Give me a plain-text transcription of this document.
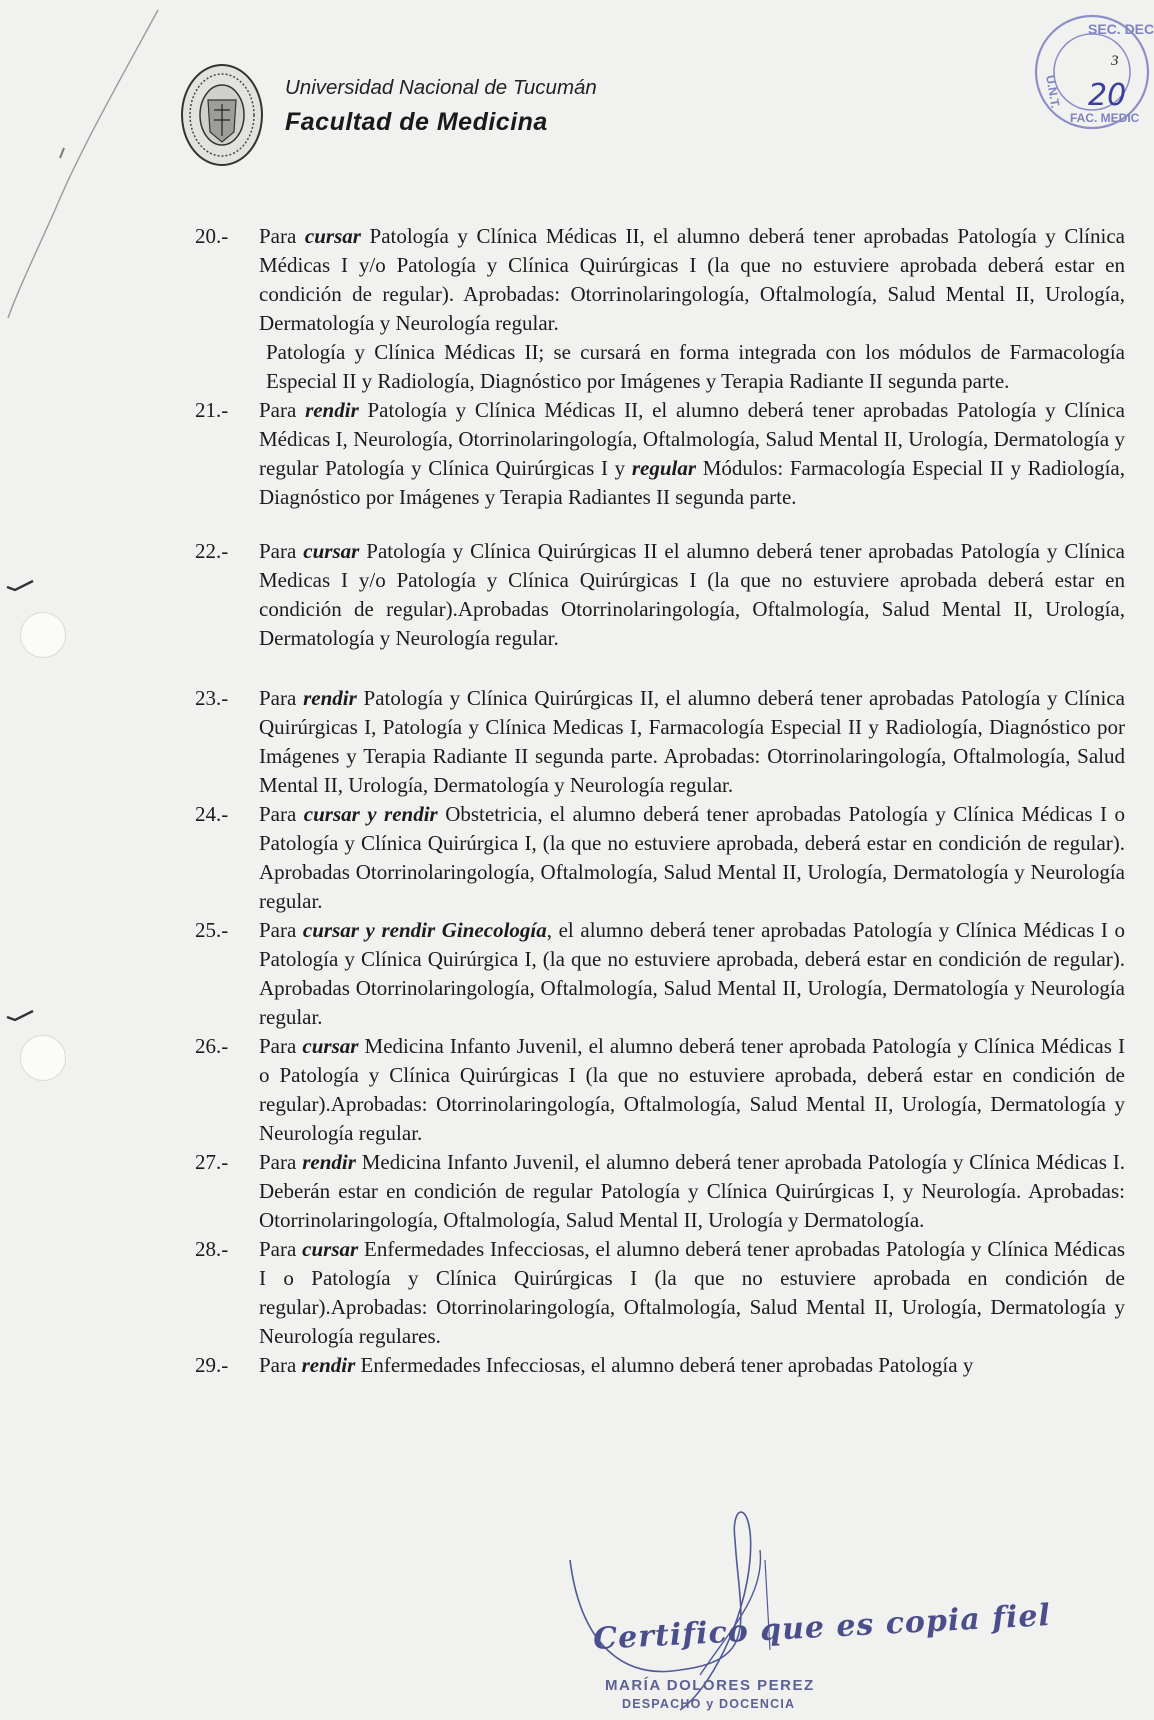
Universidad Nacional de Tucumán
Facultad de Medicina
SEC. DEC
U.N.T.
FAC. MEDIC
3
20
20.- Para cursar Patología y Clínica Médicas II, el alumno deberá tener aprobadas Patología y Clínica Médicas I y/o Patología y Clínica Quirúrgicas I (la que no estuviere aprobada deberá estar en condición de regular). Aprobadas: Otorrinolaringología, Oftalmología, Salud Mental II, Urología, Dermatología y Neurología regular.

Patología y Clínica Médicas II; se cursará en forma integrada con los módulos de Farmacología Especial II y Radiología, Diagnóstico por Imágenes y Terapia Radiante II segunda parte.

21.- Para rendir Patología y Clínica Médicas II, el alumno deberá tener aprobadas Patología y Clínica Médicas I, Neurología, Otorrinolaringología, Oftalmología, Salud Mental II, Urología, Dermatología y regular Patología y Clínica Quirúrgicas I y regular Módulos: Farmacología Especial II y Radiología, Diagnóstico por Imágenes y Terapia Radiantes II segunda parte.

22.- Para cursar Patología y Clínica Quirúrgicas II el alumno deberá tener aprobadas Patología y Clínica Medicas I y/o Patología y Clínica Quirúrgicas I (la que no estuviere aprobada deberá estar en condición de regular).Aprobadas Otorrinolaringología, Oftalmología, Salud Mental II, Urología, Dermatología y Neurología regular.

23.- Para rendir Patología y Clínica Quirúrgicas II, el alumno deberá tener aprobadas Patología y Clínica Quirúrgicas I, Patología y Clínica Medicas I, Farmacología Especial II y Radiología, Diagnóstico por Imágenes y Terapia Radiante II segunda parte. Aprobadas: Otorrinolaringología, Oftalmología, Salud Mental II, Urología, Dermatología y Neurología regular.

24.- Para cursar y rendir Obstetricia, el alumno deberá tener aprobadas Patología y Clínica Médicas I o Patología y Clínica Quirúrgica I, (la que no estuviere aprobada, deberá estar en condición de regular). Aprobadas Otorrinolaringología, Oftalmología, Salud Mental II, Urología, Dermatología y Neurología regular.

25.- Para cursar y rendir Ginecología, el alumno deberá tener aprobadas Patología y Clínica Médicas I o Patología y Clínica Quirúrgica I, (la que no estuviere aprobada, deberá estar en condición de regular). Aprobadas Otorrinolaringología, Oftalmología, Salud Mental II, Urología, Dermatología y Neurología regular.

26.- Para cursar Medicina Infanto Juvenil, el alumno deberá tener aprobada Patología y Clínica Médicas I o Patología y Clínica Quirúrgicas I (la que no estuviere aprobada, deberá estar en condición de regular).Aprobadas: Otorrinolaringología, Oftalmología, Salud Mental II, Urología, Dermatología y Neurología regular.

27.- Para rendir Medicina Infanto Juvenil, el alumno deberá tener aprobada Patología y Clínica Médicas I. Deberán estar en condición de regular Patología y Clínica Quirúrgicas I, y Neurología. Aprobadas: Otorrinolaringología, Oftalmología, Salud Mental II, Urología y Dermatología.

28.- Para cursar Enfermedades Infecciosas, el alumno deberá tener aprobadas Patología y Clínica Médicas I o Patología y Clínica Quirúrgicas I (la que no estuviere aprobada en condición de regular).Aprobadas: Otorrinolaringología, Oftalmología, Salud Mental II, Urología, Dermatología y Neurología regulares.

29.- Para rendir Enfermedades Infecciosas, el alumno deberá tener aprobadas Patología y

Certifico que es copia fiel
MARÍA DOLORES PEREZ
DESPACHO y DOCENCIA
